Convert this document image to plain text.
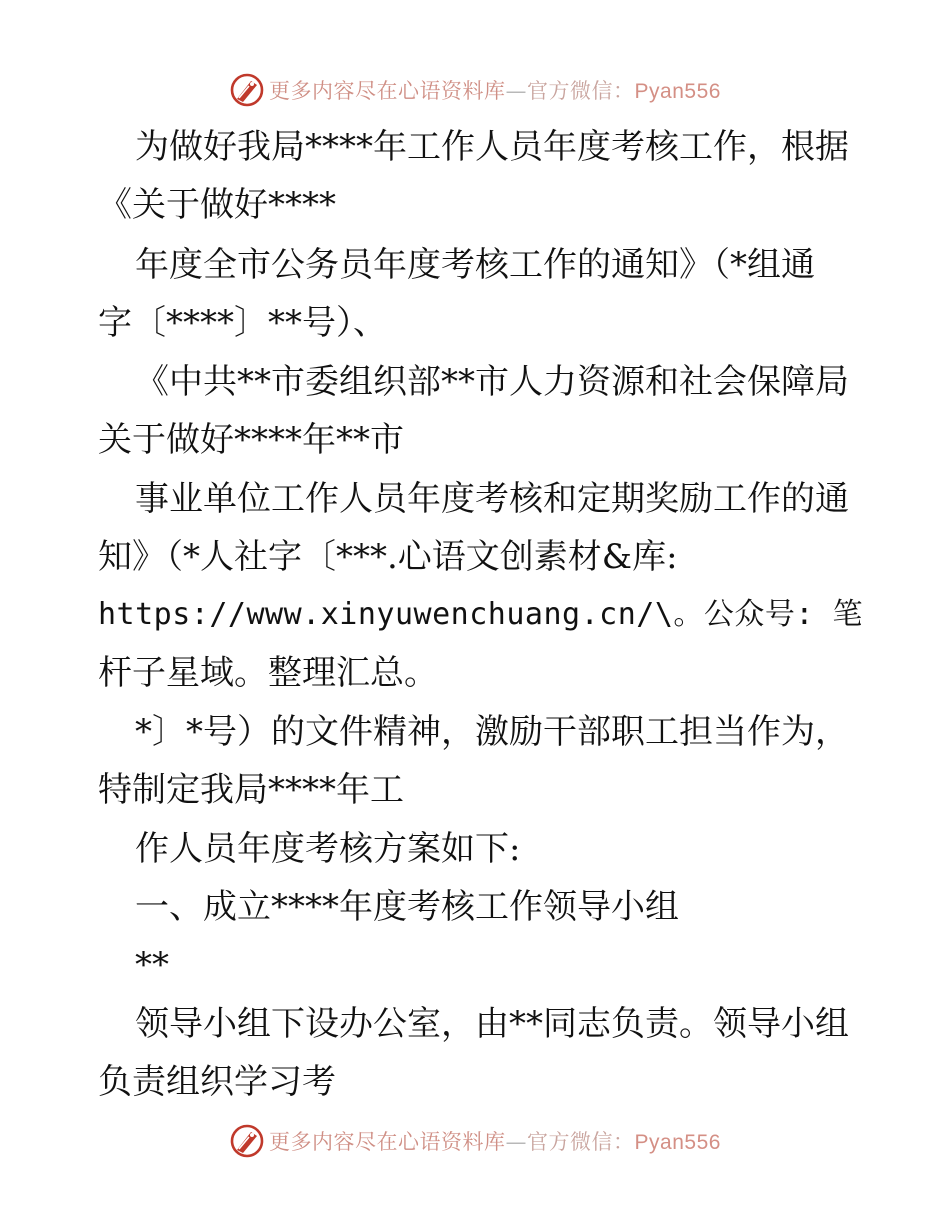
更多内容尽在心语资料库—官方微信：Pyan556
为做好我局****年工作人员年度考核工作，根据
《关于做好****
年度全市公务员年度考核工作的通知》（*组通
字〔****〕**号）、
《中共**市委组织部**市人力资源和社会保障局
关于做好****年**市
事业单位工作人员年度考核和定期奖励工作的通
知》（*人社字〔***.心语文创素材&库:
https://www.xinyuwenchuang.cn/\。公众号: 笔
杆子星域。整理汇总。
*〕*号）的文件精神，激励干部职工担当作为，
特制定我局****年工
作人员年度考核方案如下:
一、成立****年度考核工作领导小组
**
领导小组下设办公室，由**同志负责。领导小组
负责组织学习考
更多内容尽在心语资料库—官方微信：Pyan556
